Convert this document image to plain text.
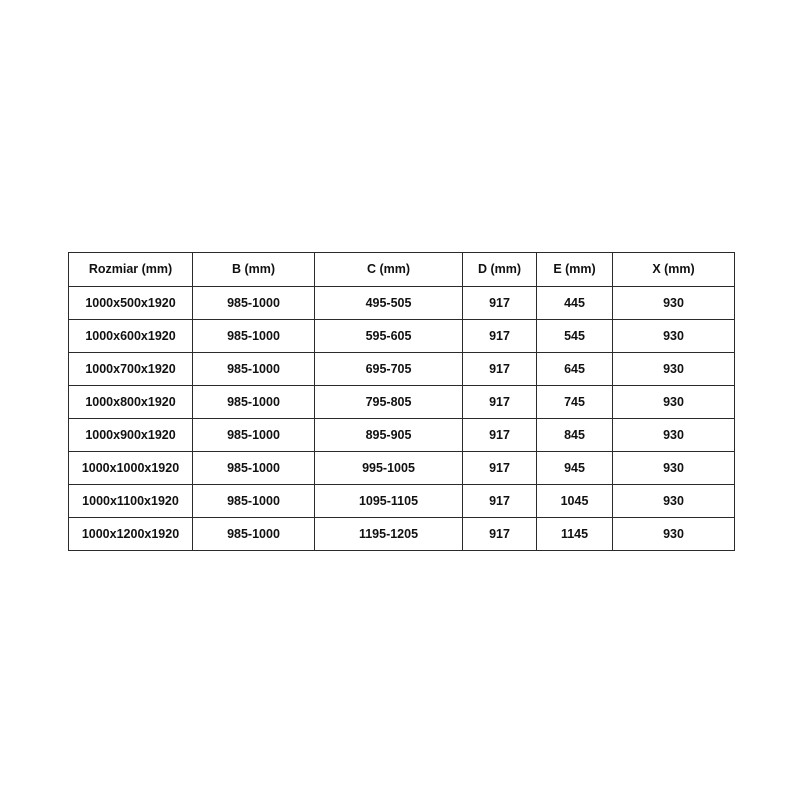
Rozmiar (mm)	B (mm)	C (mm)	D (mm)	E (mm)	X (mm)
1000x500x1920	985-1000	495-505	917	445	930
1000x600x1920	985-1000	595-605	917	545	930
1000x700x1920	985-1000	695-705	917	645	930
1000x800x1920	985-1000	795-805	917	745	930
1000x900x1920	985-1000	895-905	917	845	930
1000x1000x1920	985-1000	995-1005	917	945	930
1000x1100x1920	985-1000	1095-1105	917	1045	930
1000x1200x1920	985-1000	1195-1205	917	1145	930
